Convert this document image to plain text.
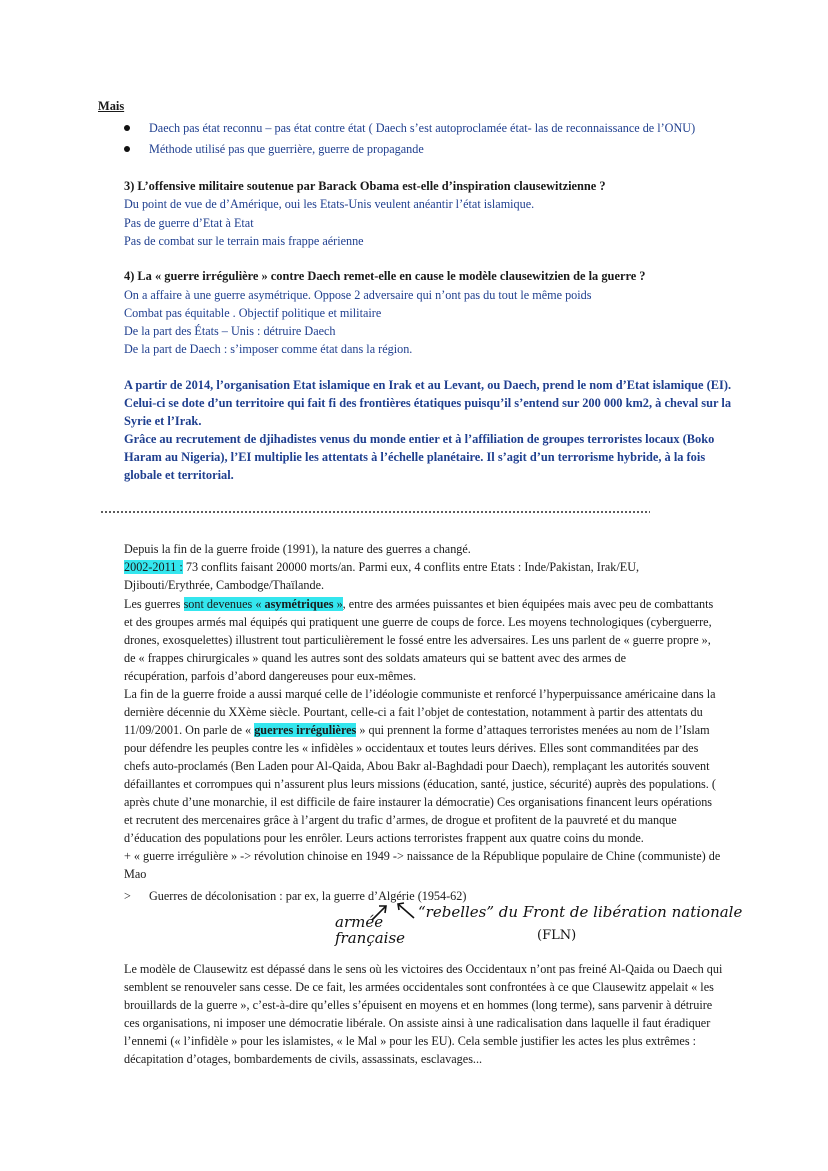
Mais
Daech pas état reconnu – pas état contre état ( Daech s’est autoproclamée état- las de reconnaissance de l’ONU)
Méthode utilisé pas que guerrière, guerre de propagande
3) L’offensive militaire soutenue par Barack Obama est-elle d’inspiration clausewitzienne ?
Du point de vue de d’Amérique, oui les Etats-Unis veulent anéantir l’état islamique.
Pas de guerre d’Etat à Etat
Pas de combat sur le terrain mais frappe aérienne
4) La « guerre irrégulière » contre Daech remet-elle en cause le modèle clausewitzien de la guerre ?
On a affaire à une guerre asymétrique. Oppose 2 adversaire qui n’ont pas du tout le même poids
Combat pas équitable . Objectif politique et militaire
De la part des États – Unis : détruire Daech
De la part de Daech : s’imposer comme état dans la région.
A partir de 2014, l’organisation Etat islamique en Irak et au Levant, ou Daech, prend le nom d’Etat islamique (EI).
Celui-ci se dote d’un territoire qui fait fi des frontières étatiques puisqu’il s’entend sur 200 000 km2, à cheval sur la
Syrie et l’Irak.
Grâce au recrutement de djihadistes venus du monde entier et à l’affiliation de groupes terroristes locaux (Boko
Haram au Nigeria), l’EI multiplie les attentats à l’échelle planétaire. Il s’agit d’un terrorisme hybride, à la fois
globale et territorial.
Depuis la fin de la guerre froide (1991), la nature des guerres a changé.
2002-2011 : 73 conflits faisant 20000 morts/an. Parmi eux, 4 conflits entre Etats : Inde/Pakistan, Irak/EU,
Djibouti/Erythrée, Cambodge/Thaïlande.
Les guerres sont devenues « asymétriques », entre des armées puissantes et bien équipées mais avec peu de combattants
et des groupes armés mal équipés qui pratiquent une guerre de coups de force. Les moyens technologiques (cyberguerre,
drones, exosquelettes) illustrent tout particulièrement le fossé entre les adversaires. Les uns parlent de « guerre propre »,
de « frappes chirurgicales » quand les autres sont des soldats amateurs qui se battent avec des armes de
récupération, parfois d’abord dangereuses pour eux-mêmes.
La fin de la guerre froide a aussi marqué celle de l’idéologie communiste et renforcé l’hyperpuissance américaine dans la
dernière décennie du XXème siècle. Pourtant, celle-ci a fait l’objet de contestation, notamment à partir des attentats du
11/09/2001. On parle de « guerres irrégulières » qui prennent la forme d’attaques terroristes menées au nom de l’Islam
pour défendre les peuples contre les « infidèles » occidentaux et toutes leurs dérives. Elles sont commanditées par des
chefs auto-proclamés (Ben Laden pour Al-Qaida, Abou Bakr al-Baghdadi pour Daech), remplaçant les autorités souvent
défaillantes et corrompues qui n’assurent plus leurs missions (éducation, santé, justice, sécurité) auprès des populations. (
après chute d’une monarchie, il est difficile de faire instaurer la démocratie) Ces organisations financent leurs opérations
et recrutent des mercenaires grâce à l’argent du trafic d’armes, de drogue et profitent de la pauvreté et du manque
d’éducation des populations pour les enrôler. Leurs actions terroristes frappent aux quatre coins du monde.
+ « guerre irrégulière » -> révolution chinoise en 1949 -> naissance de la République populaire de Chine (communiste) de
Mao
> Guerres de décolonisation : par ex, la guerre d’Algérie (1954-62)
armée
française
“rebelles” du Front de libération nationale
(FLN)
Le modèle de Clausewitz est dépassé dans le sens où les victoires des Occidentaux n’ont pas freiné Al-Qaida ou Daech qui
semblent se renouveler sans cesse. De ce fait, les armées occidentales sont confrontées à ce que Clausewitz appelait « les
brouillards de la guerre », c’est-à-dire qu’elles s’épuisent en moyens et en hommes (long terme), sans parvenir à détruire
ces organisations, ni imposer une démocratie libérale. On assiste ainsi à une radicalisation dans laquelle il faut éradiquer
l’ennemi (« l’infidèle » pour les islamistes, « le Mal » pour les EU). Cela semble justifier les actes les plus extrêmes :
décapitation d’otages, bombardements de civils, assassinats, esclavages...
